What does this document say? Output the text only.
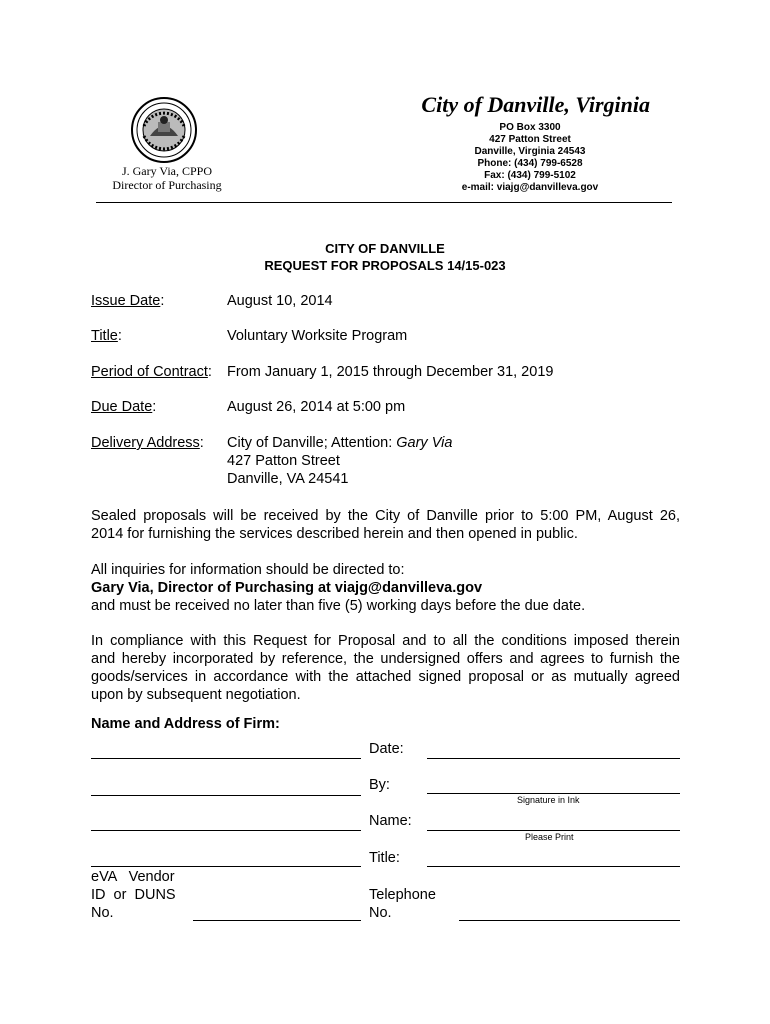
J. Gary Via, CPPO
Director of Purchasing
City of Danville, Virginia
PO Box 3300
427 Patton Street
Danville, Virginia 24543
Phone: (434) 799-6528
Fax: (434) 799-5102
e-mail: viajg@danvilleva.gov
CITY OF DANVILLE
REQUEST FOR PROPOSALS 14/15-023
Issue Date:	August 10, 2014
Title:	Voluntary Worksite Program
Period of Contract: From January 1, 2015 through December 31, 2019
Due Date:	August 26, 2014 at 5:00 pm
Delivery Address: City of Danville; Attention: Gary Via
427 Patton Street
Danville, VA 24541
Sealed proposals will be received by the City of Danville prior to 5:00 PM, August 26,
2014 for furnishing the services described herein and then opened in public.
All inquiries for information should be directed to:
Gary Via, Director of Purchasing at viajg@danvilleva.gov
and must be received no later than five (5) working days before the due date.
In compliance with this Request for Proposal and to all the conditions imposed therein
and hereby incorporated by reference, the undersigned offers and agrees to furnish the
goods/services in accordance with the attached signed proposal or as mutually agreed
upon by subsequent negotiation.
Name and Address of Firm:
Date:
By:
Signature in Ink
Name:
Please Print
Title:
eVA   Vendor
ID  or  DUNS
No.
Telephone
No.
